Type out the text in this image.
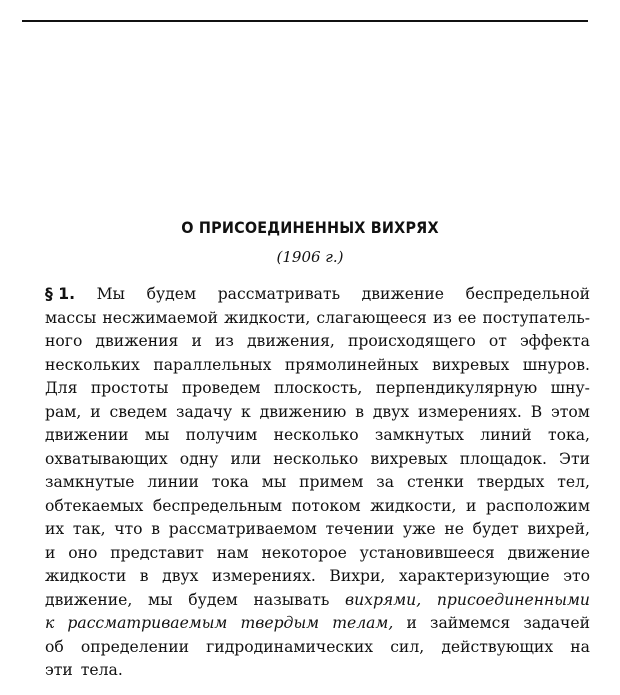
О ПРИСОЕДИНЕННЫХ ВИХРЯХ
(1906 г.)
§ 1. Мы будем рассматривать движение беспредельной
массы несжимаемой жидкости, слагающееся из ее поступатель-
ного движения и из движения, происходящего от эффекта
нескольких параллельных прямолинейных вихревых шнуров.
Для простоты проведем плоскость, перпендикулярную шну-
рам, и сведем задачу к движению в двух измерениях. В этом
движении мы получим несколько замкнутых линий тока,
охватывающих одну или несколько вихревых площадок. Эти
замкнутые линии тока мы примем за стенки твердых тел,
обтекаемых беспредельным потоком жидкости, и расположим
их так, что в рассматриваемом течении уже не будет вихрей,
и оно представит нам некоторое установившееся движение
жидкости в двух измерениях. Вихри, характеризующие это
движение, мы будем называть вихрями, присоединенными
к рассматриваемым твердым телам, и займемся задачей
об определении гидродинамических сил, действующих на
эти тела.
